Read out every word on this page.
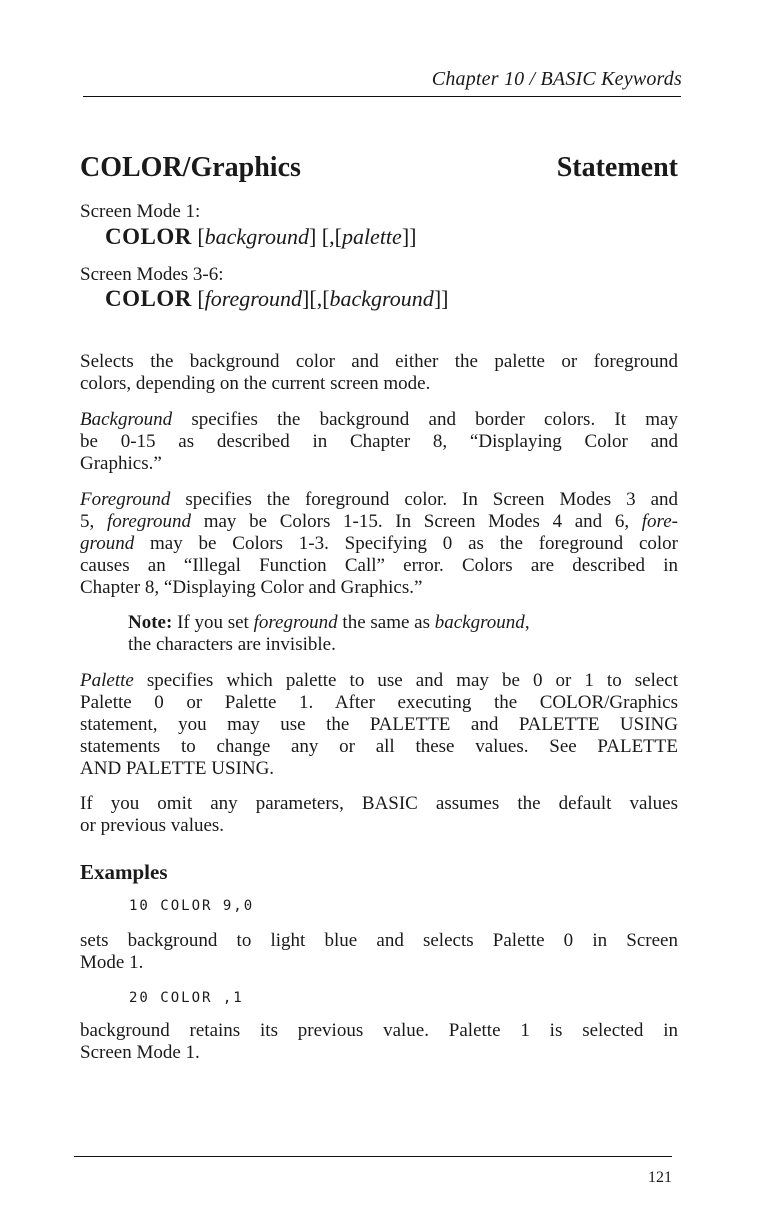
Chapter 10 / BASIC Keywords
COLOR/Graphics	Statement
Screen Mode 1:
COLOR [background] [,[palette]]
Screen Modes 3-6:
COLOR [foreground][,[background]]
Selects the background color and either the palette or foreground
colors, depending on the current screen mode.
Background specifies the background and border colors. It may
be 0-15 as described in Chapter 8, “Displaying Color and
Graphics.”
Foreground specifies the foreground color. In Screen Modes 3 and
5, foreground may be Colors 1-15. In Screen Modes 4 and 6, fore-
ground may be Colors 1-3. Specifying 0 as the foreground color
causes an “Illegal Function Call” error. Colors are described in
Chapter 8, “Displaying Color and Graphics.”
Note: If you set foreground the same as background,
the characters are invisible.
Palette specifies which palette to use and may be 0 or 1 to select
Palette 0 or Palette 1. After executing the COLOR/Graphics
statement, you may use the PALETTE and PALETTE USING
statements to change any or all these values. See PALETTE
AND PALETTE USING.
If you omit any parameters, BASIC assumes the default values
or previous values.
Examples
10 COLOR 9,0
sets background to light blue and selects Palette 0 in Screen
Mode 1.
20 COLOR ,1
background retains its previous value. Palette 1 is selected in
Screen Mode 1.
121
